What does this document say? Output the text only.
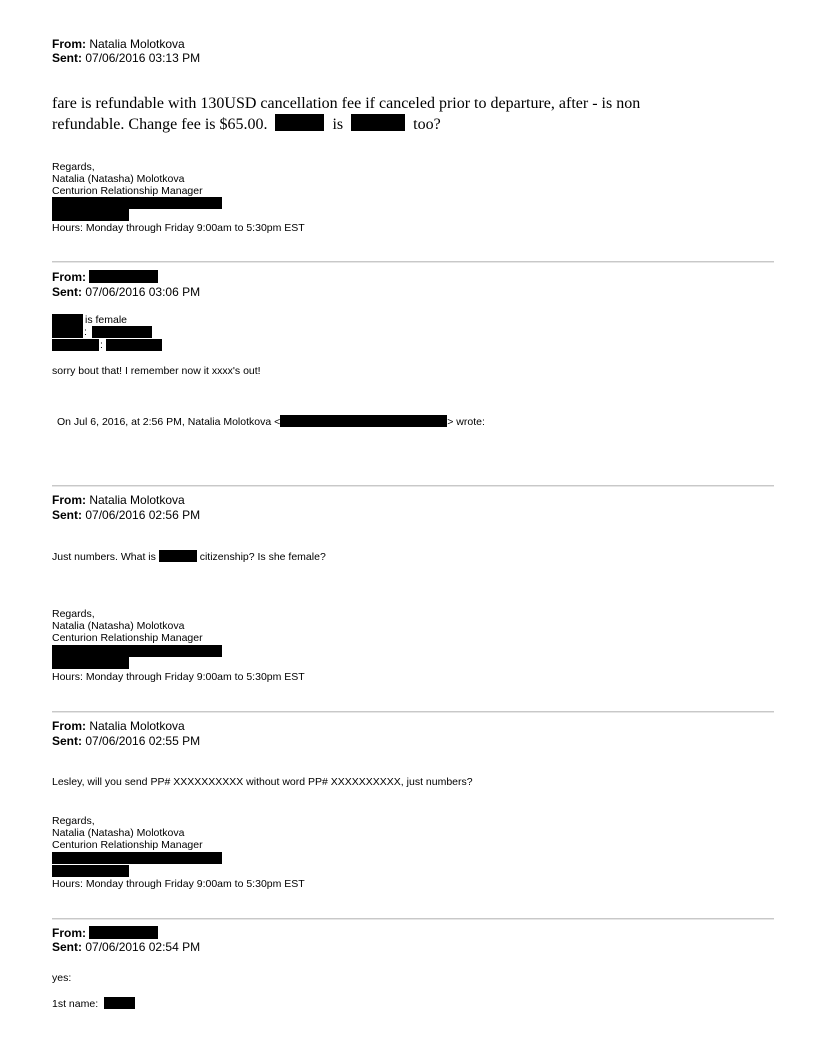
From: Natalia Molotkova
Sent: 07/06/2016 03:13 PM
fare is refundable with 130USD cancellation fee if canceled prior to departure, after - is non
refundable. Change fee is $65.00.	is	too?
Regards,
Natalia (Natasha) Molotkova
Centurion Relationship Manager
Hours: Monday through Friday 9:00am to 5:30pm EST
From:
Sent: 07/06/2016 03:06 PM
is female
:
:
sorry bout that! I remember now it xxxx's out!
On Jul 6, 2016, at 2:56 PM, Natalia Molotkova <	> wrote:
From: Natalia Molotkova
Sent: 07/06/2016 02:56 PM
Just numbers. What is	citizenship? Is she female?
Regards,
Natalia (Natasha) Molotkova
Centurion Relationship Manager
Hours: Monday through Friday 9:00am to 5:30pm EST
From: Natalia Molotkova
Sent: 07/06/2016 02:55 PM
Lesley, will you send PP# XXXXXXXXXX without word PP# XXXXXXXXXX, just numbers?
Regards,
Natalia (Natasha) Molotkova
Centurion Relationship Manager
Hours: Monday through Friday 9:00am to 5:30pm EST
From:
Sent: 07/06/2016 02:54 PM
yes:
1st name:
